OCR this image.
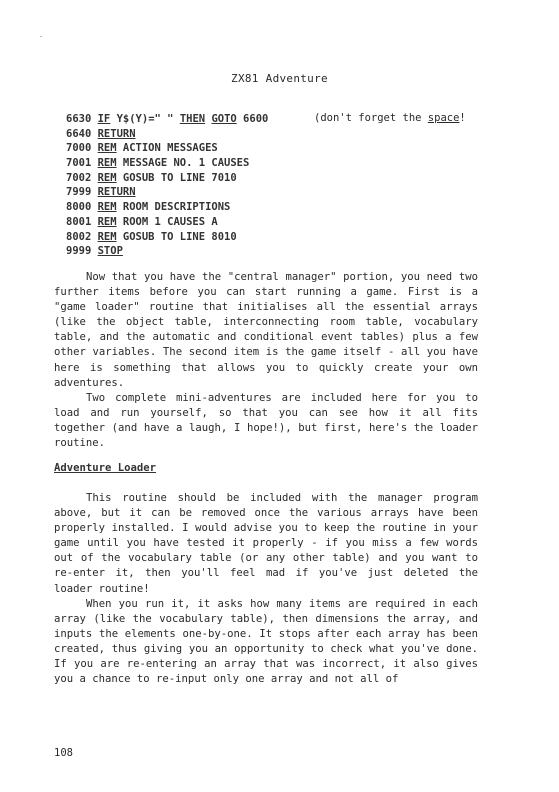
ZX81 Adventure
6630 IF Y$(Y)=" " THEN GOTO 6600
6640 RETURN
7000 REM ACTION MESSAGES
7001 REM MESSAGE NO. 1 CAUSES
7002 REM GOSUB TO LINE 7010
7999 RETURN
8000 REM ROOM DESCRIPTIONS
8001 REM ROOM 1 CAUSES A
8002 REM GOSUB TO LINE 8010
9999 STOP
(don't forget the space!

Now that you have the "central manager" portion, you need two further items before you can start running a game. First is a "game loader" routine that initialises all the essential arrays (like the object table, interconnecting room table, vocabulary table, and the automatic and conditional event tables) plus a few other variables. The second item is the game itself - all you have here is something that allows you to quickly create your own adventures.

Two complete mini-adventures are included here for you to load and run yourself, so that you can see how it all fits together (and have a laugh, I hope!), but first, here's the loader routine.

Adventure Loader

This routine should be included with the manager program above, but it can be removed once the various arrays have been properly installed. I would advise you to keep the routine in your game until you have tested it properly - if you miss a few words out of the vocabulary table (or any other table) and you want to re-enter it, then you'll feel mad if you've just deleted the loader routine!

When you run it, it asks how many items are required in each array (like the vocabulary table), then dimensions the array, and inputs the elements one-by-one. It stops after each array has been created, thus giving you an opportunity to check what you've done. If you are re-entering an array that was incorrect, it also gives you a chance to re-input only one array and not all of

108
